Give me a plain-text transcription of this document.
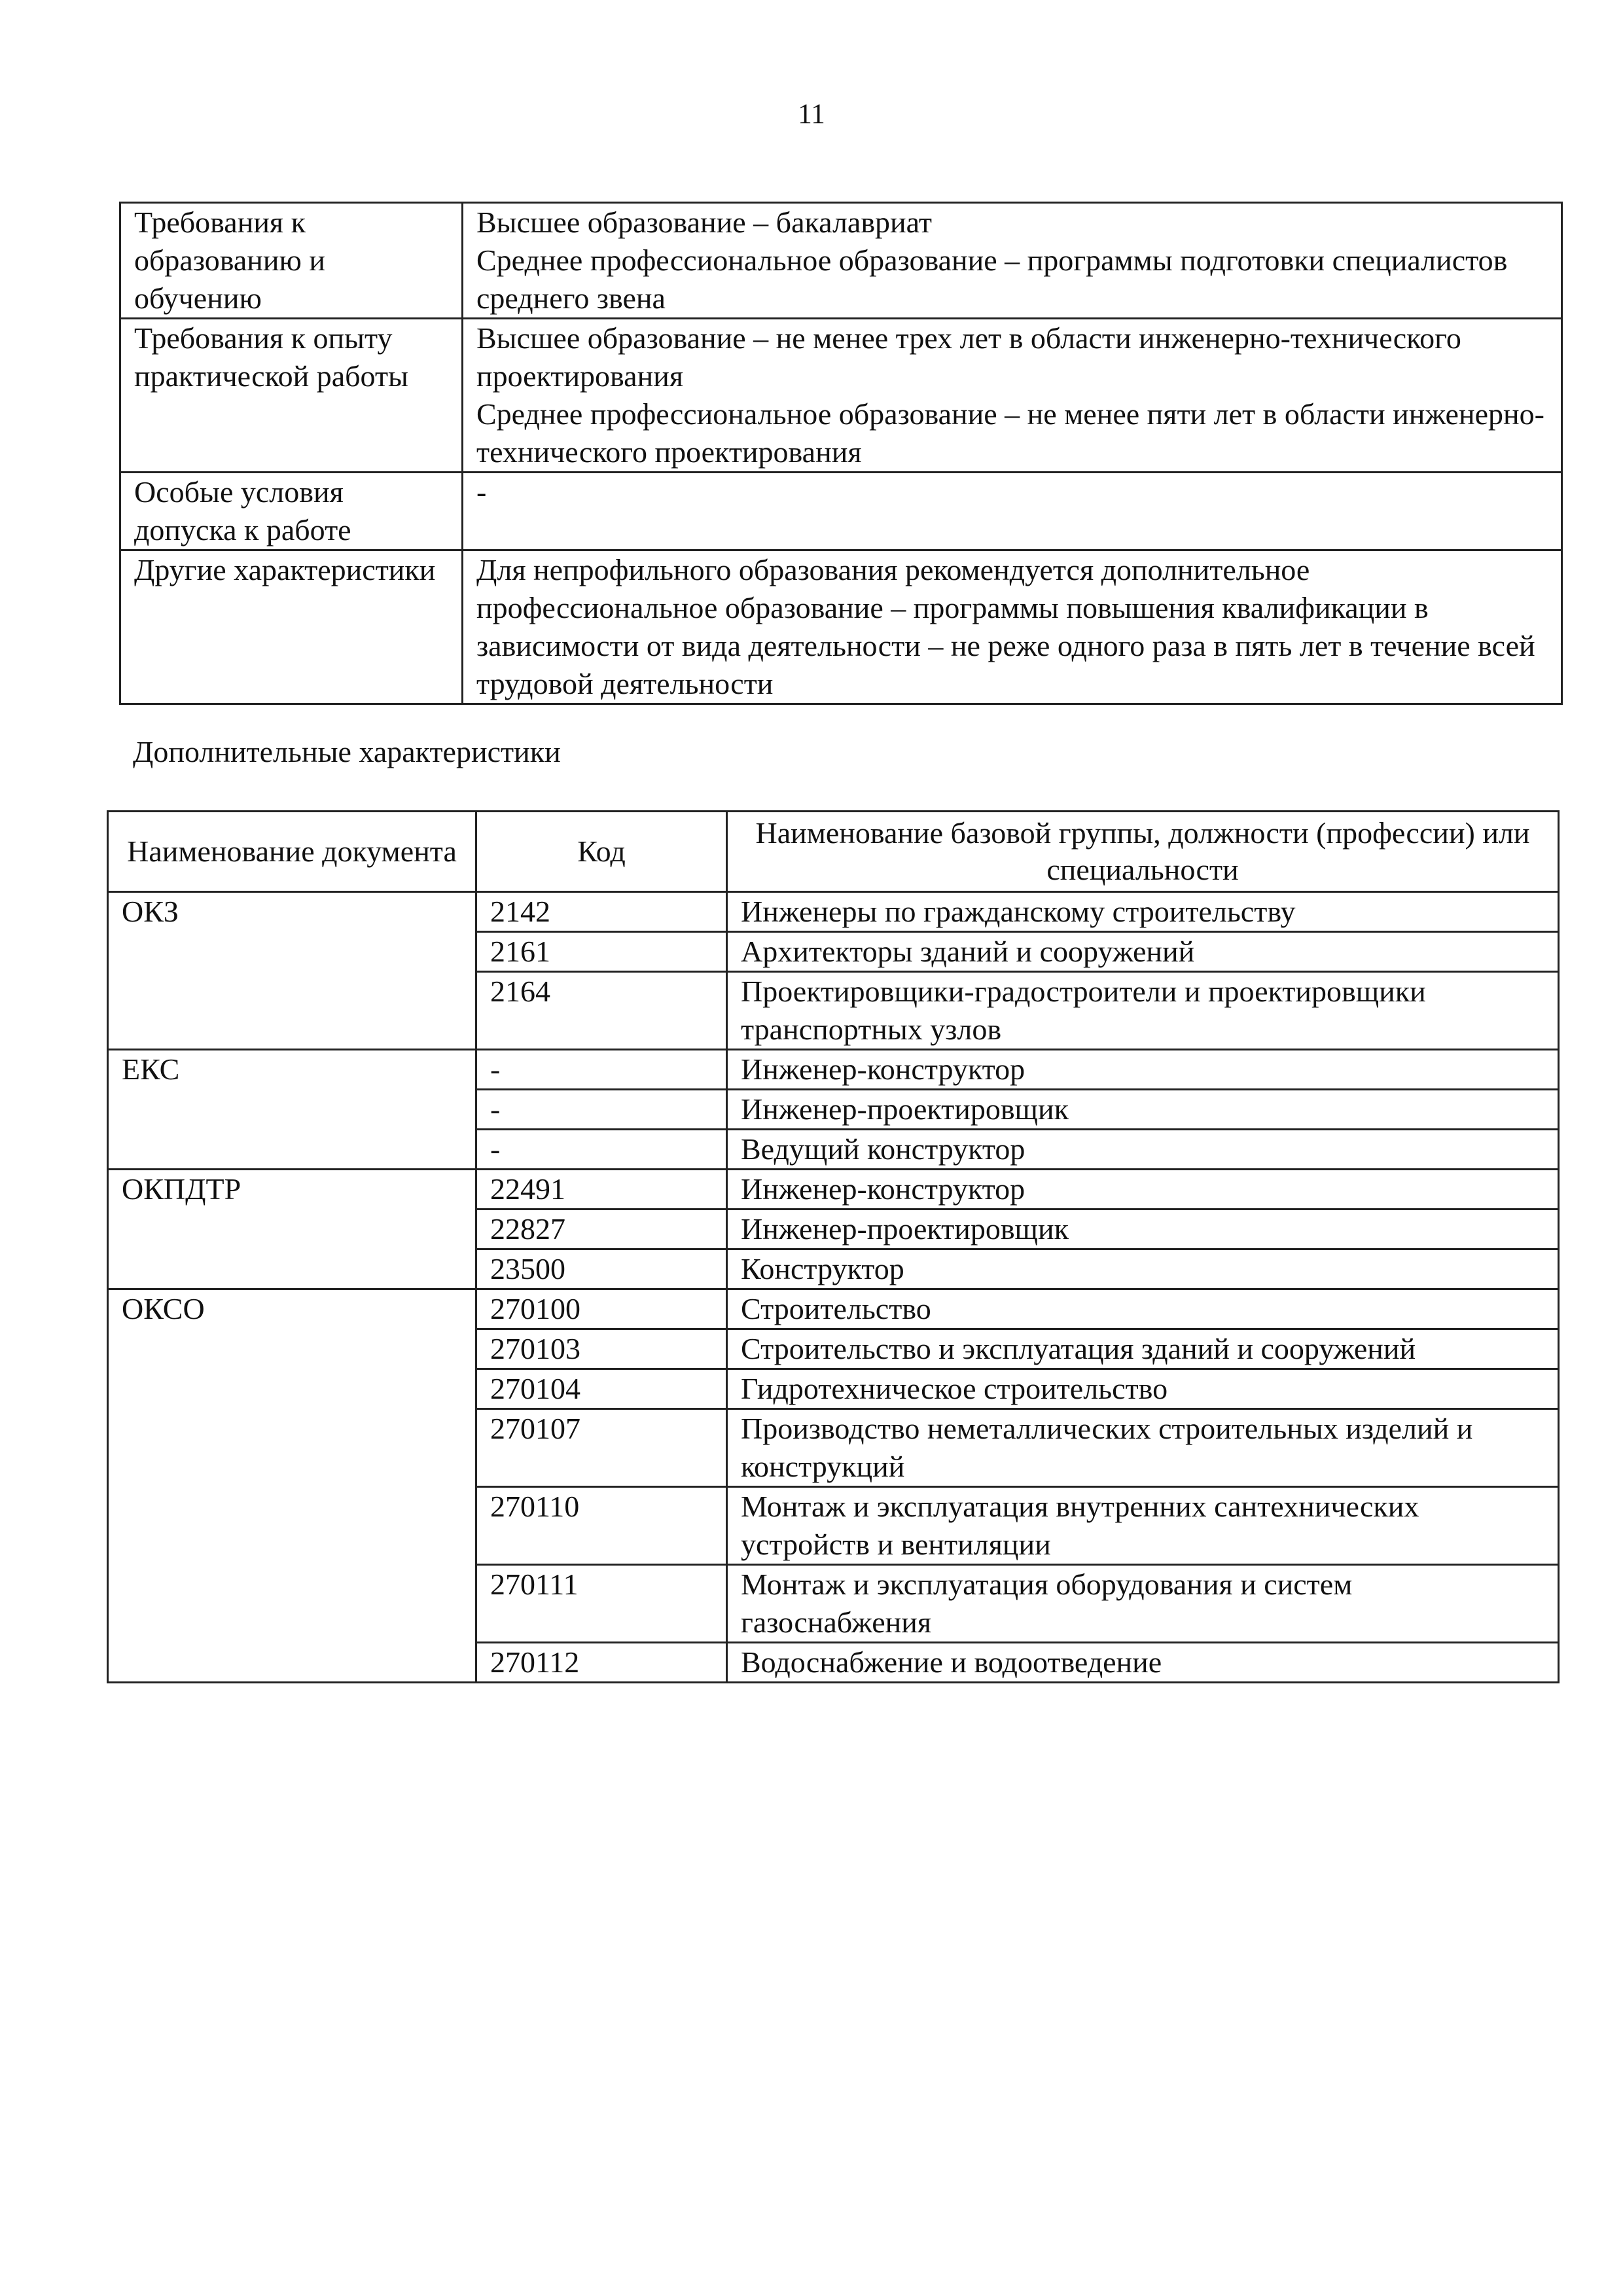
11
Требования к образованию и обучению	Высшее образование – бакалавриат
Среднее профессиональное образование – программы подготовки специалистов среднего звена
Требования к опыту практической работы	Высшее образование – не менее трех лет в области инженерно-технического проектирования
Среднее профессиональное образование – не менее пяти лет в области инженерно-технического проектирования
Особые условия допуска к работе	-
Другие характеристики	Для непрофильного образования рекомендуется дополнительное профессиональное образование – программы повышения квалификации в зависимости от вида деятельности – не реже одного раза в пять лет в течение всей трудовой деятельности
Дополнительные характеристики
Наименование документа	Код	Наименование базовой группы, должности (профессии) или специальности
ОКЗ	2142	Инженеры по гражданскому строительству
	2161	Архитекторы зданий и сооружений
	2164	Проектировщики-градостроители и проектировщики транспортных узлов
ЕКС	-	Инженер-конструктор
	-	Инженер-проектировщик
	-	Ведущий конструктор
ОКПДТР	22491	Инженер-конструктор
	22827	Инженер-проектировщик
	23500	Конструктор
ОКСО	270100	Строительство
	270103	Строительство и эксплуатация зданий и сооружений
	270104	Гидротехническое строительство
	270107	Производство неметаллических строительных изделий и конструкций
	270110	Монтаж и эксплуатация внутренних сантехнических устройств и вентиляции
	270111	Монтаж и эксплуатация оборудования и систем газоснабжения
	270112	Водоснабжение и водоотведение
